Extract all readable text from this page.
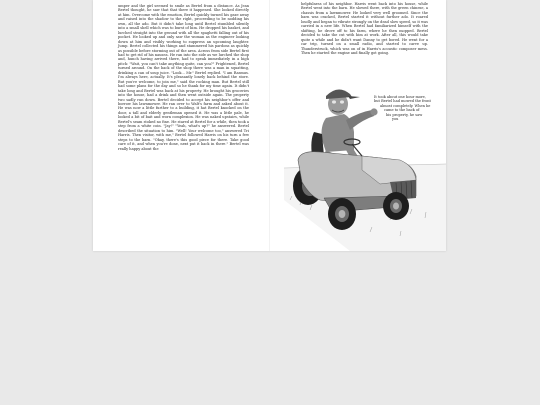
umper and the girl seemed to smile as Bertel from a distance. As Jean Bertel thought, he saw that that there it happened. She looked directly at him. Overcome with the emotion, Bertel quickly turned his gaze away and raised into the shadow to the right, proceeding to be nodding his own, all the ado. But it didn't take long until Bertel stumbled silently into a small shell which was to burst of him. He dropped his basket, and lurched straight into the ground with all the spaghetti falling out of his pocket. He looked up and only saw the woman as the engineer looking down at him and visibly working to suppress an upcoming laughter. Jump. Bertel collected his things and stammered his pardons as quickly as possible before storming out of the area. Across from side Bertel first had to get rid of his nausea. He ran into the side as we lurched the shop and, hunch having arrived there, had to speak immediately in a high pitch: "Wait, you can't take anything quite, can you?" Frightened, Bertel turned around. On the back of the shop there was a man in squatting, drinking a can of soup juice. "Look... Mr." Bertel replied. "I am Rasmus. I'm always here, actually. It's pleasantly lonely back behind the store. But you're welcome, to join me," said the rocking man. But Bertel still had some plans for the day and so he thank for my time again. It didn't take long and Bertel was back at his property. He brought his groceries into the house, had a drink and then went outside again. The property two sadly run down. Bertel decided to accept his neighbor's offer and borrow his lawnmower. He ran over to Walt's farm and asked about it. He was now a little further to a building, it hat Bertel knocked on the door, a tall and elderly gentleman opened it. He was a little pale, he looked a bit of bait and worn complexion. He was naked upstairs, while Bertel's seam stoked no fine. He stared at Bertel for a while, then took a step from a white coin. "Jay!" "Yeah, what's up?" he answered. Bertel described the situation to him. "Well! Your welcome too," answered Tri Harris. Then visitor, with me," Bertel followed Harris on his turn a few steps to the barn. "Okay, there's this good piece for there. Take good care of it, and when you're done, next put it back in there." Bertel was really happy about the

helpfulness of his neighbor. Harris went back into his house, while Bertel went into the barn. He slowed there, with the green chinese, a chassis from a lawnmower. He looked very well groomed. Since the barn was cracked, Bertel started it without further ado. It roared loudly and began to vibrate strongly on the dead slow speed, so it was carried in a new life. When Bertel had familiarized himself with the shifting, he drove off to his farm, where he then mopped. Bertel decided to take the cut with him at work. After all, this would take quite a while and he didn't want Danny to get bored. He went for a car trip, turned on a small radio, and started to carve up. Thunderstruck, which was on of in Harris's acoustic composer mess. Then he started the engine and finally got going.

It took about one hour more,

but Bertel had mowed the front

almost completely. When he

came to the back of

his property, he saw

you
